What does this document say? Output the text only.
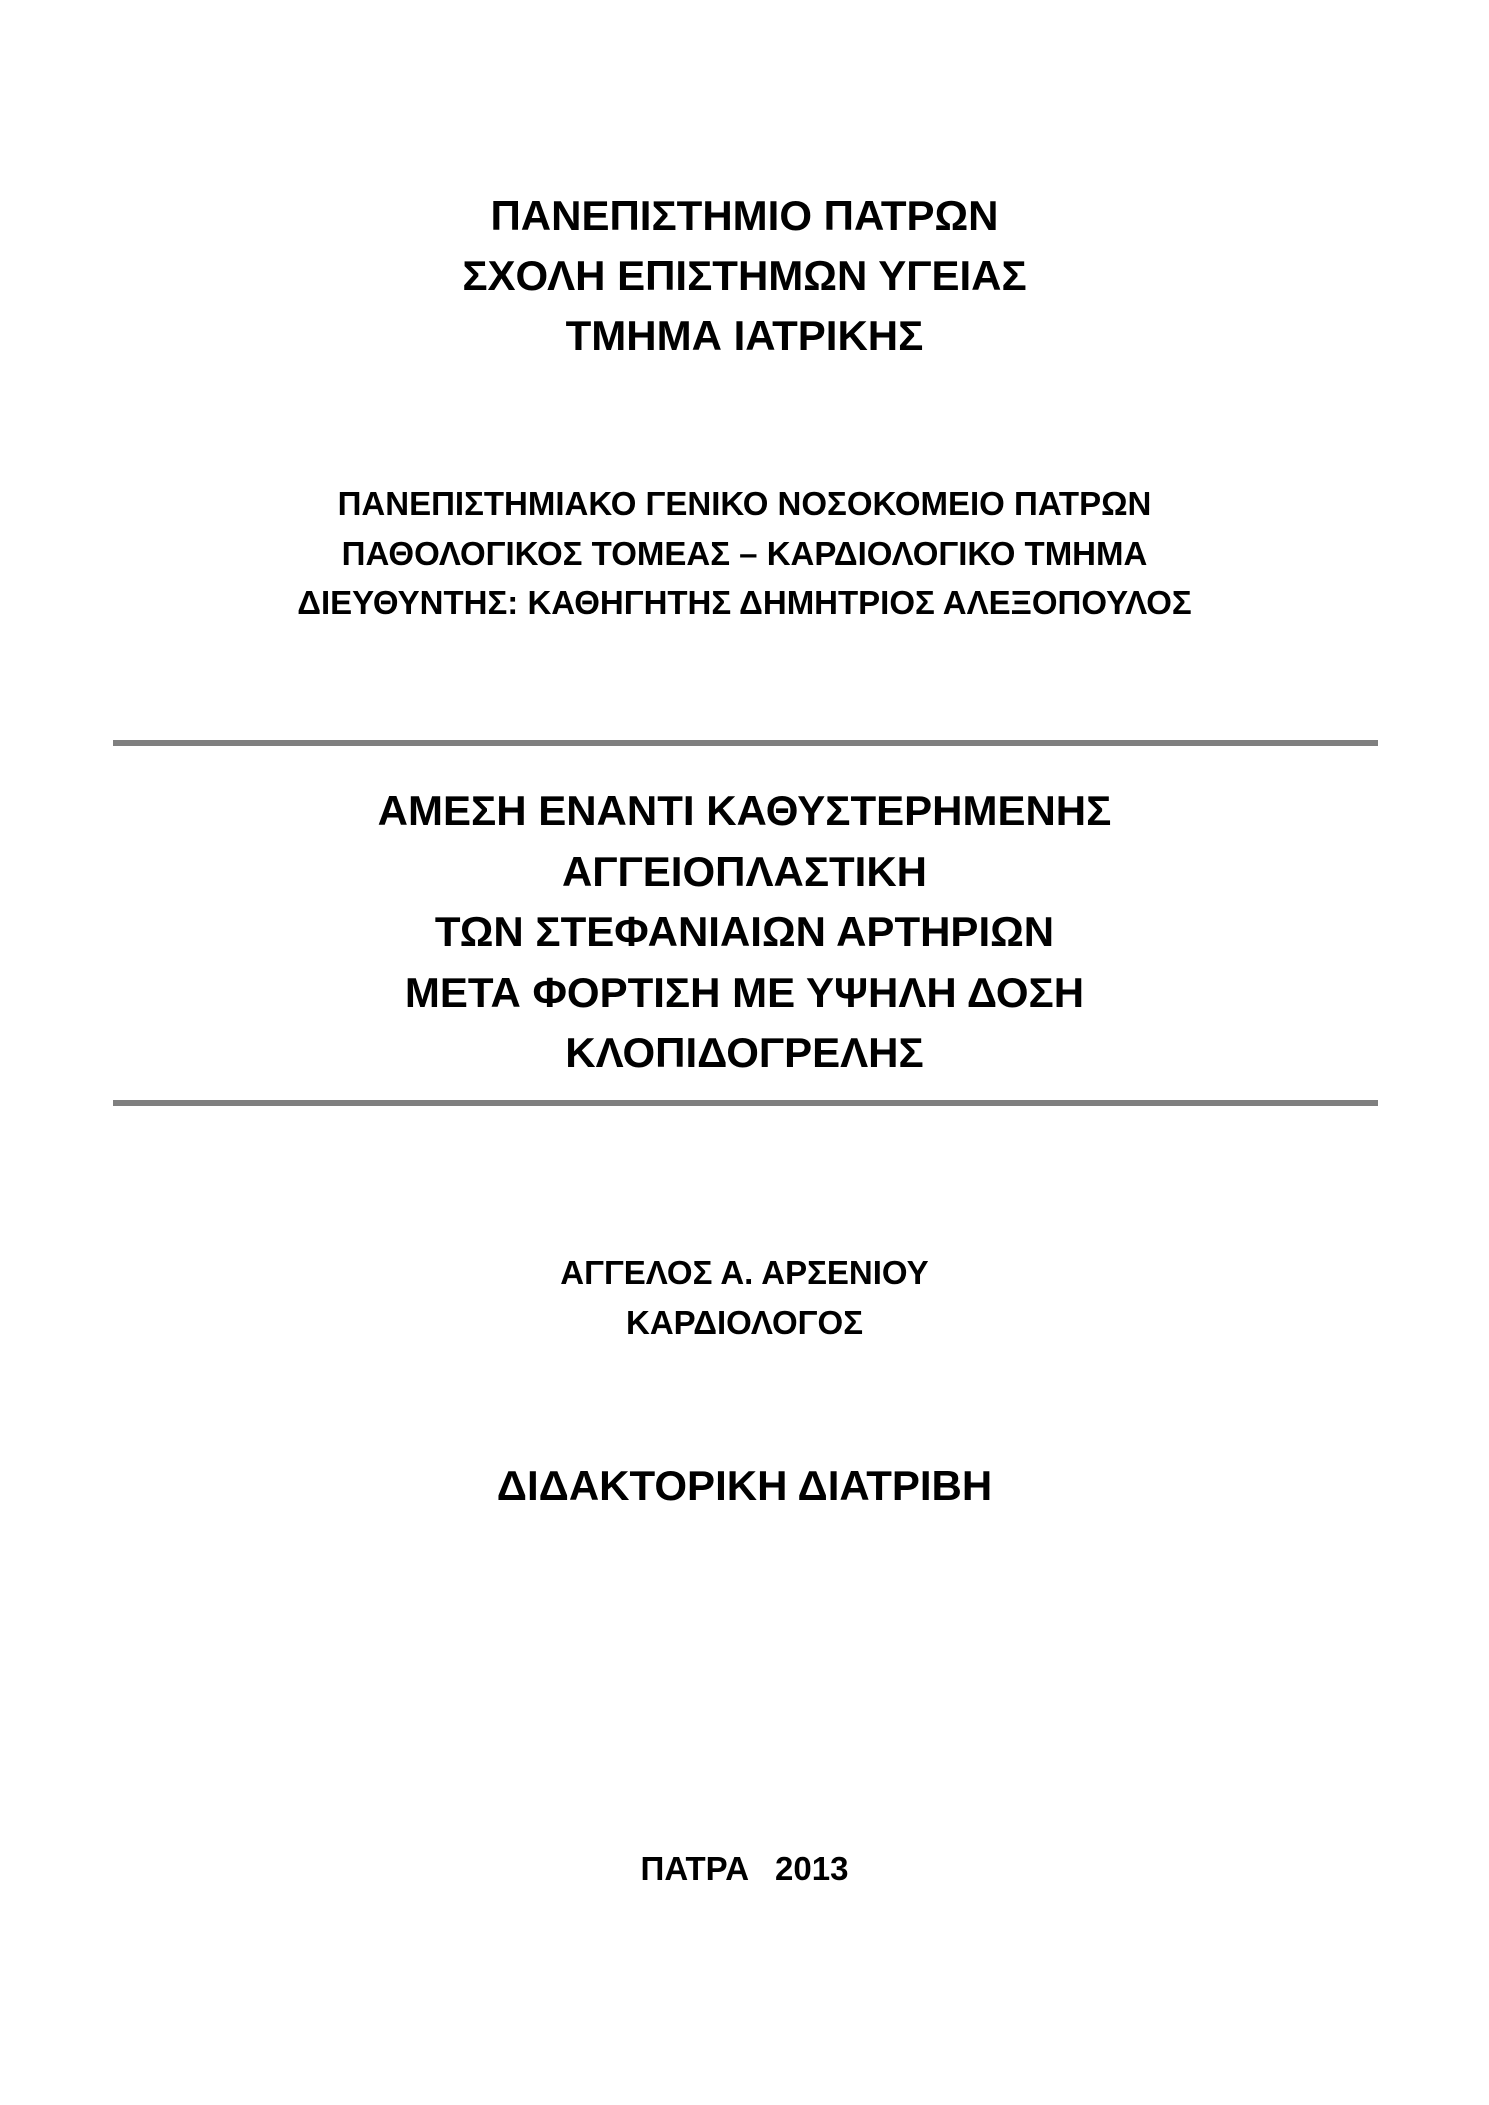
ΠΑΝΕΠΙΣΤΗΜΙΟ ΠΑΤΡΩΝ
ΣΧΟΛΗ ΕΠΙΣΤΗΜΩΝ ΥΓΕΙΑΣ
ΤΜΗΜΑ ΙΑΤΡΙΚΗΣ
ΠΑΝΕΠΙΣΤΗΜΙΑΚΟ ΓΕΝΙΚΟ ΝΟΣΟΚΟΜΕΙΟ ΠΑΤΡΩΝ
ΠΑΘΟΛΟΓΙΚΟΣ ΤΟΜΕΑΣ – ΚΑΡΔΙΟΛΟΓΙΚΟ ΤΜΗΜΑ
ΔΙΕΥΘΥΝΤΗΣ: ΚΑΘΗΓΗΤΗΣ ΔΗΜΗΤΡΙΟΣ ΑΛΕΞΟΠΟΥΛΟΣ
ΑΜΕΣΗ ΕΝΑΝΤΙ ΚΑΘΥΣΤΕΡΗΜΕΝΗΣ
ΑΓΓΕΙΟΠΛΑΣΤΙΚΗ
ΤΩΝ ΣΤΕΦΑΝΙΑΙΩΝ ΑΡΤΗΡΙΩΝ
ΜΕΤΑ ΦΟΡΤΙΣΗ ΜΕ ΥΨΗΛΗ ΔΟΣΗ
ΚΛΟΠΙΔΟΓΡΕΛΗΣ
ΑΓΓΕΛΟΣ Α. ΑΡΣΕΝΙΟΥ
ΚΑΡΔΙΟΛΟΓΟΣ
ΔΙΔΑΚΤΟΡΙΚΗ ΔΙΑΤΡΙΒΗ
ΠΑΤΡΑ 2013
